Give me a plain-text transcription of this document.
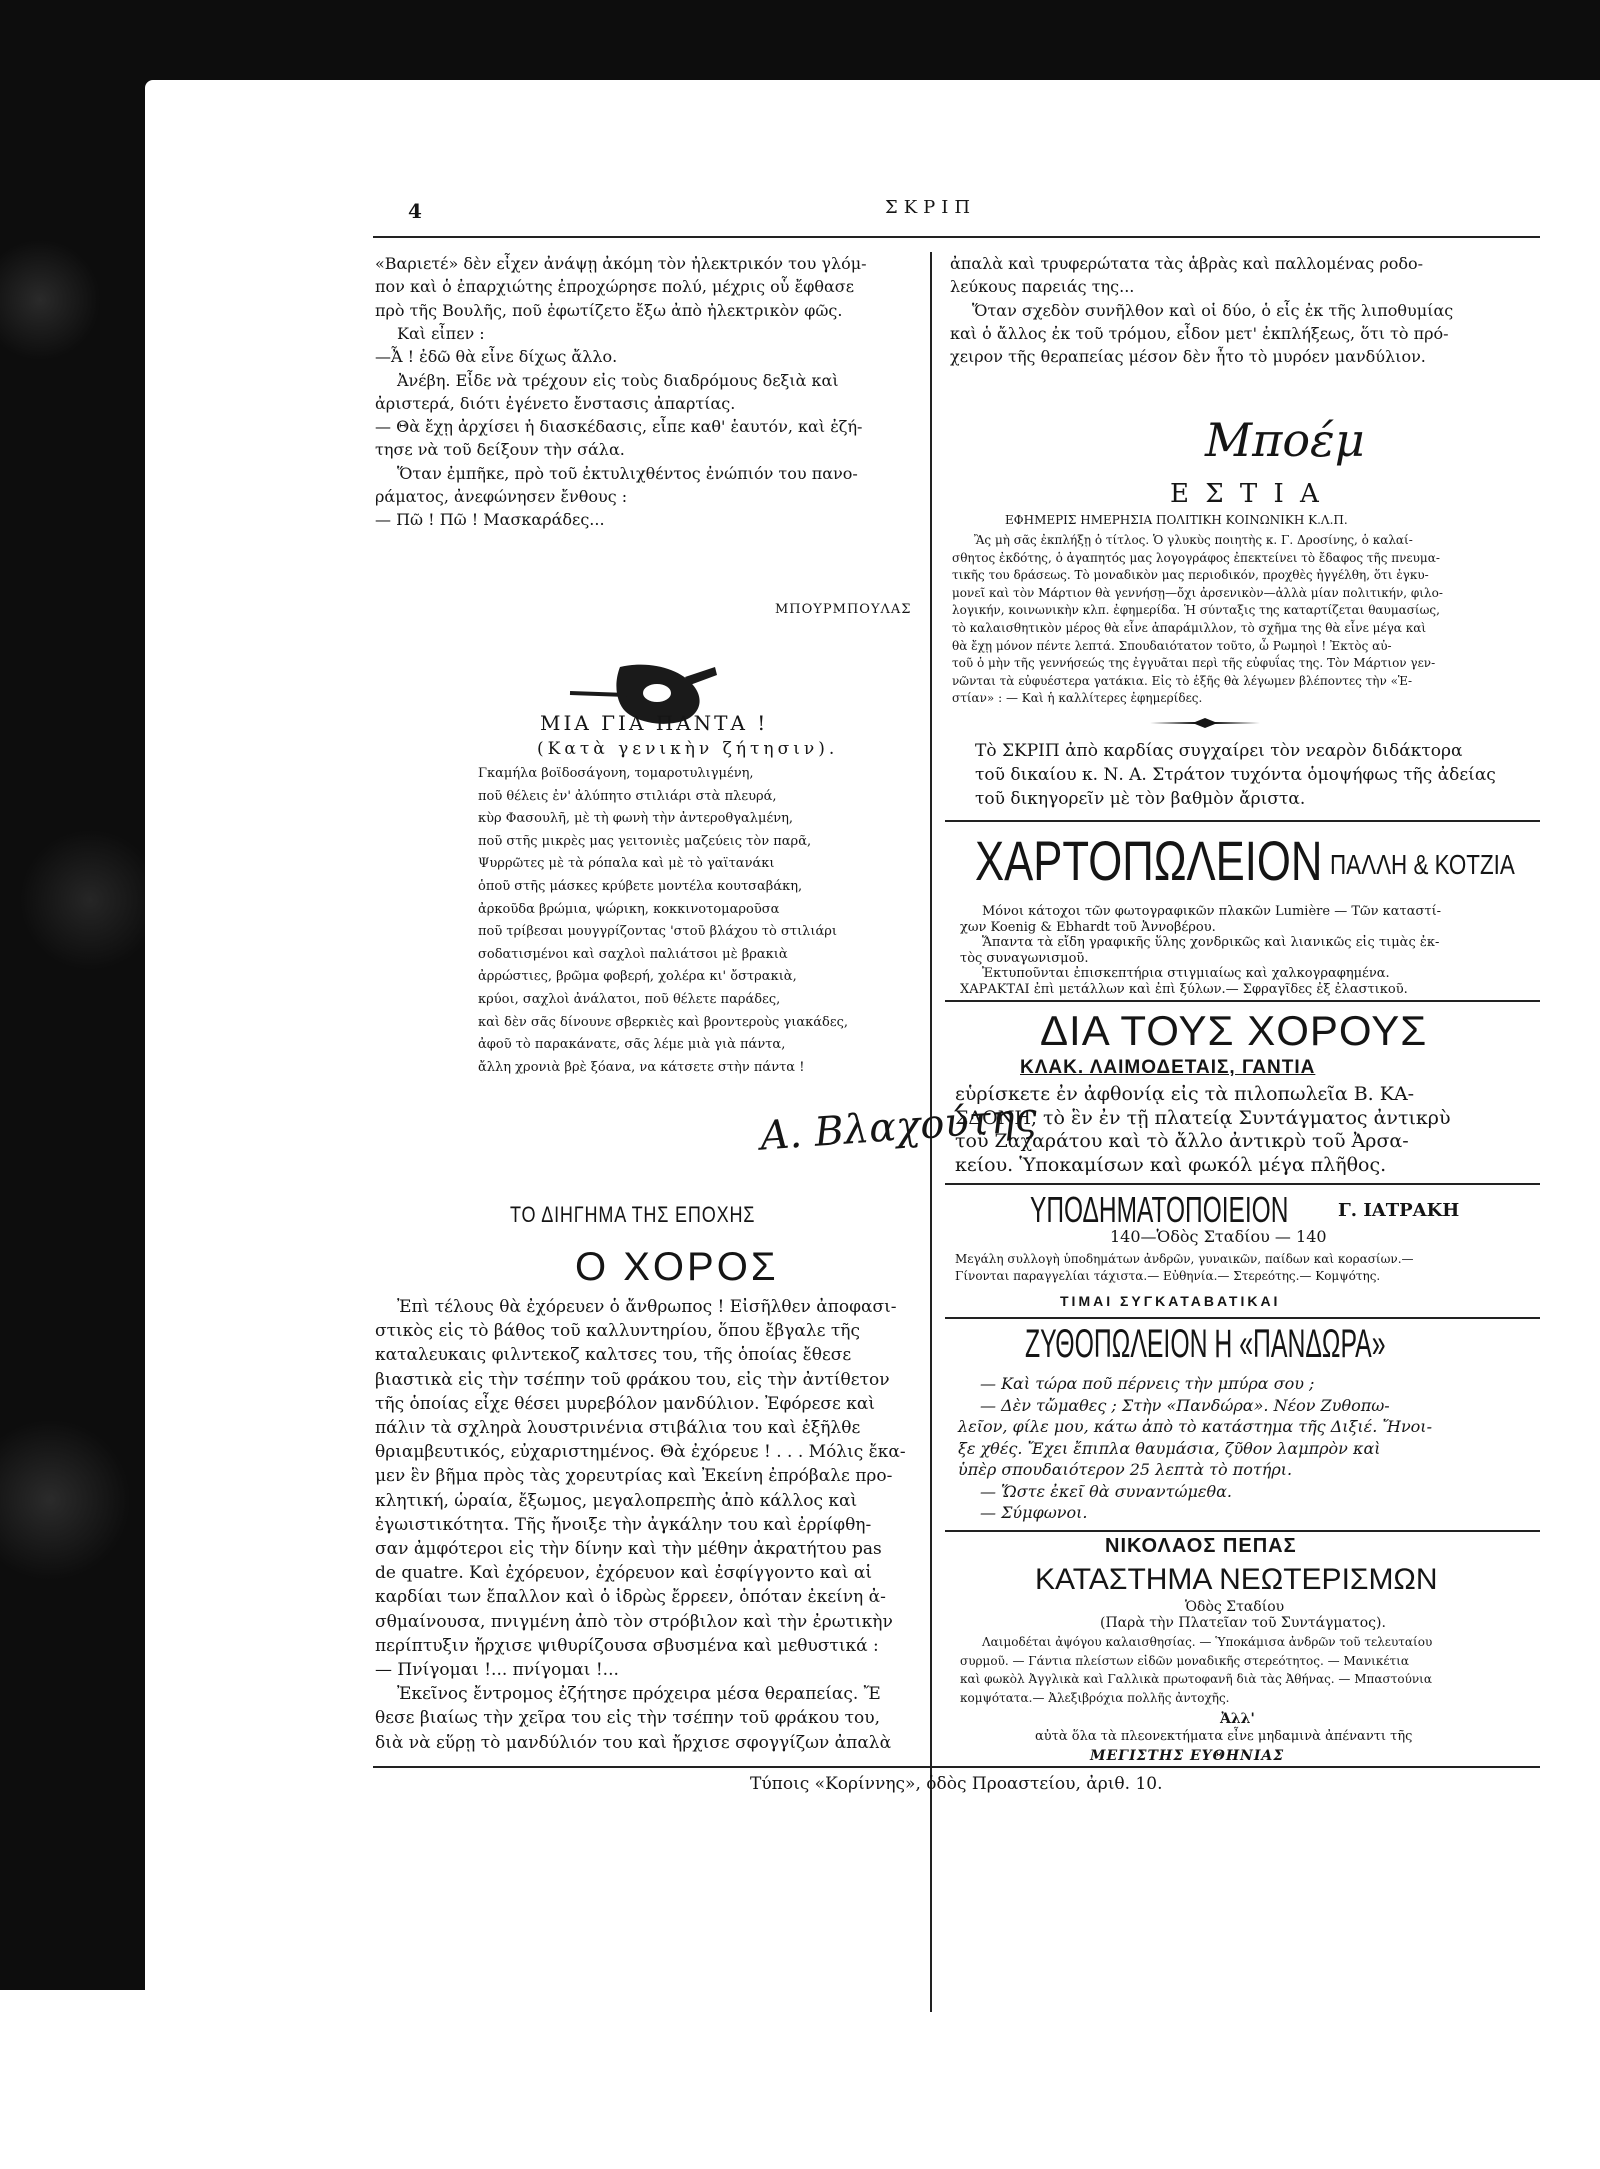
4	ΣΚΡΙΠ
«Βαριετέ» δὲν εἶχεν ἀνάψῃ ἀκόμη τὸν ἠλεκτρικόν του γλόμ-
πον καὶ ὁ ἐπαρχιώτης ἐπροχώρησε πολύ, μέχρις οὗ ἔφθασε
πρὸ τῆς Βουλῆς, ποῦ ἐφωτίζετο ἔξω ἀπὸ ἠλεκτρικὸν φῶς.
Καὶ εἶπεν :
—Ἆ ! ἐδῶ θὰ εἶνε δίχως ἄλλο.
Ἀνέβη. Εἶδε νὰ τρέχουν εἰς τοὺς διαδρόμους δεξιὰ καὶ
ἀριστερά, διότι ἐγένετο ἔνστασις ἀπαρτίας.
— Θὰ ἔχῃ ἀρχίσει ἡ διασκέδασις, εἶπε καθ' ἑαυτόν, καὶ ἐζή-
τησε νὰ τοῦ δείξουν τὴν σάλα.
Ὅταν ἐμπῆκε, πρὸ τοῦ ἐκτυλιχθέντος ἐνώπιόν του πανο-
ράματος, ἀνεφώνησεν ἔνθους :
— Πῶ ! Πῶ ! Μασκαράδες...
ΜΠΟΥΡΜΠΟΥΛΑΣ
ΜΙΑ ΓΙΑ ΠΑΝΤΑ !
(Κατὰ γενικὴν ζήτησιν).
Γκαμήλα βοϊδοσάγονη, τομαροτυλιγμένη,
ποῦ θέλεις ἐν' ἀλύπητο στιλιάρι στὰ πλευρά,
κὺρ Φασουλῆ, μὲ τὴ φωνὴ τὴν ἀντεροθγαλμένη,
ποῦ στῆς μικρὲς μας γειτονιὲς μαζεύεις τὸν παρᾶ,
Ψυρρῶτες μὲ τὰ ρόπαλα καὶ μὲ τὸ γαϊτανάκι
ὁποῦ στῆς μάσκες κρύβετε μοντέλα κουτσαβάκη,
ἀρκοῦδα βρώμια, ψώρικη, κοκκινοτομαροῦσα
ποῦ τρίβεσαι μουγγρίζοντας 'στοῦ βλάχου τὸ στιλιάρι
σοδατισμένοι καὶ σαχλοὶ παλιάτσοι μὲ βρακιὰ
ἀρρώστιες, βρῶμα φοβερή, χολέρα κι' ὄστρακιὰ,
κρύοι, σαχλοὶ ἀνάλατοι, ποῦ θέλετε παράδες,
καὶ δὲν σᾶς δίνουνε σβερκιὲς καὶ βροντεροὺς γιακάδες,
ἀφοῦ τὸ παρακάνατε, σᾶς λέμε μιὰ γιὰ πάντα,
ἄλλη χρονιὰ βρὲ ξόανα, να κάτσετε στὴν πάντα !
Α. Βλαχούτης
ΤΟ ΔΙΗΓΗΜΑ ΤΗΣ ΕΠΟΧΗΣ
Ο ΧΟΡΟΣ
Ἐπὶ τέλους θὰ ἐχόρευεν ὁ ἄνθρωπος ! Εἰσῆλθεν ἀποφασι-
στικὸς εἰς τὸ βάθος τοῦ καλλυντηρίου, ὅπου ἔβγαλε τῆς
καταλευκαις φιλντεκοζ καλτσες του, τῆς ὁποίας ἔθεσε
βιαστικὰ εἰς τὴν τσέπην τοῦ φράκου του, εἰς τὴν ἀντίθετον
τῆς ὁποίας εἶχε θέσει μυρεβόλον μανδύλιον. Ἐφόρεσε καὶ
πάλιν τὰ σχληρὰ λουστρινένια στιβάλια του καὶ ἐξῆλθε
θριαμβευτικός, εὐχαριστημένος. Θὰ ἐχόρευε ! . . . Μόλις ἔκα-
μεν ἓν βῆμα πρὸς τὰς χορευτρίας καὶ Ἐκείνη ἐπρόβαλε προ-
κλητική, ὡραία, ἔξωμος, μεγαλοπρεπὴς ἀπὸ κάλλος καὶ
ἐγωιστικότητα. Τῆς ἤνοιξε τὴν ἀγκάλην του καὶ ἐρρίφθη-
σαν ἀμφότεροι εἰς τὴν δίνην καὶ τὴν μέθην ἀκρατήτου pas
de quatre. Καὶ ἐχόρευον, ἐχόρευον καὶ ἐσφίγγοντο καὶ αἱ
καρδίαι των ἔπαλλον καὶ ὁ ἱδρὼς ἔρρεεν, ὁπόταν ἐκείνη ἀ-
σθμαίνουσα, πνιγμένη ἀπὸ τὸν στρόβιλον καὶ τὴν ἐρωτικὴν
περίπτυξιν ἤρχισε ψιθυρίζουσα σβυσμένα καὶ μεθυστικά :
— Πνίγομαι !... πνίγομαι !...
Ἐκεῖνος ἔντρομος ἐζήτησε πρόχειρα μέσα θεραπείας. Ἔ
θεσε βιαίως τὴν χεῖρα του εἰς τὴν τσέπην τοῦ φράκου του,
διὰ νὰ εὕρῃ τὸ μανδύλιόν του καὶ ἤρχισε σφογγίζων ἀπαλὰ
ἀπαλὰ καὶ τρυφερώτατα τὰς ἁβρὰς καὶ παλλομένας ροδο-
λεύκους παρειάς της...
Ὅταν σχεδὸν συνῆλθον καὶ οἱ δύο, ὁ εἷς ἐκ τῆς λιποθυμίας
καὶ ὁ ἄλλος ἐκ τοῦ τρόμου, εἶδον μετ' ἐκπλήξεως, ὅτι τὸ πρό-
χειρον τῆς θεραπείας μέσον δὲν ἦτο τὸ μυρόεν μανδύλιον.
Μποέμ
Ε Σ Τ Ι Α
ΕΦΗΜΕΡΙΣ ΗΜΕΡΗΣΙΑ ΠΟΛΙΤΙΚΗ ΚΟΙΝΩΝΙΚΗ Κ.Λ.Π.
Ἂς μὴ σᾶς ἐκπλήξῃ ὁ τίτλος. Ὁ γλυκὺς ποιητὴς κ. Γ. Δροσίνης, ὁ καλαί-
σθητος ἐκδότης, ὁ ἀγαπητός μας λογογράφος ἐπεκτείνει τὸ ἔδαφος τῆς πνευμα-
τικῆς του δράσεως. Τὸ μοναδικὸν μας περιοδικόν, προχθὲς ἠγγέλθη, ὅτι ἐγκυ-
μονεῖ καὶ τὸν Μάρτιον θὰ γεννήσῃ—ὄχι ἀρσενικὸν—ἀλλὰ μίαν πολιτικήν, φιλο-
λογικήν, κοινωνικὴν κλπ. ἐφημερίδα. Ἡ σύνταξις της καταρτίζεται θαυμασίως,
τὸ καλαισθητικὸν μέρος θὰ εἶνε ἀπαράμιλλον, τὸ σχῆμα της θὰ εἶνε μέγα καὶ
θὰ ἔχῃ μόνον πέντε λεπτά. Σπουδαιότατον τοῦτο, ὦ Ρωμηοὶ ! Ἐκτὸς αὐ-
τοῦ ὁ μὴν τῆς γεννήσεώς της ἐγγυᾶται περὶ τῆς εὐφυΐας της. Τὸν Μάρτιον γεν-
νῶνται τὰ εὐφυέστερα γατάκια. Εἰς τὸ ἑξῆς θὰ λέγωμεν βλέποντες τὴν «Ἑ-
στίαν» : — Καὶ ἡ καλλίτερες ἐφημερίδες.
Τὸ ΣΚΡΙΠ ἀπὸ καρδίας συγχαίρει τὸν νεαρὸν διδάκτορα
τοῦ δικαίου κ. Ν. Α. Στράτον τυχόντα ὁμοψήφως τῆς ἀδείας
τοῦ δικηγορεῖν μὲ τὸν βαθμὸν ἄριστα.
ΧΑΡΤΟΠΩΛΕΙΟΝ ΠΑΛΛΗ & ΚΟΤΖΙΑ
Μόνοι κάτοχοι τῶν φωτογραφικῶν πλακῶν Lumière — Τῶν καταστί-
χων Koenig & Ebhardt τοῦ Ἀννοβέρου.
Ἅπαντα τὰ εἴδη γραφικῆς ὕλης χονδρικῶς καὶ λιανικῶς εἰς τιμὰς ἐκ-
τὸς συναγωνισμοῦ.
Ἐκτυποῦνται ἐπισκεπτήρια στιγμιαίως καὶ χαλκογραφημένα.
ΧΑΡΑΚΤΑΙ ἐπὶ μετάλλων καὶ ἐπὶ ξύλων.— Σφραγῖδες ἐξ ἐλαστικοῦ.
ΔΙΑ ΤΟΥΣ ΧΟΡΟΥΣ
ΚΛΑΚ. ΛΑΙΜΟΔΕΤΑΙΣ, ΓΑΝΤΙΑ
εὑρίσκετε ἐν ἀφθονίᾳ εἰς τὰ πιλοπωλεῖα Β. ΚΑ-
ΣΔΟΝΗ, τὸ ἓν ἐν τῇ πλατείᾳ Συντάγματος ἀντικρὺ
τοῦ Ζαχαράτου καὶ τὸ ἄλλο ἀντικρὺ τοῦ Ἀρσα-
κείου. Ὑποκαμίσων καὶ φωκόλ μέγα πλῆθος.
ΥΠΟΔΗΜΑΤΟΠΟΙΕΙΟΝ	Γ. ΙΑΤΡΑΚΗ
140—Ὁδὸς Σταδίου — 140
Μεγάλη συλλογὴ ὑποδημάτων ἀνδρῶν, γυναικῶν, παίδων καὶ κορασίων.—
Γίνονται παραγγελίαι τάχιστα.— Εὐθηνία.— Στερεότης.— Κομψότης.
ΤΙΜΑΙ ΣΥΓΚΑΤΑΒΑΤΙΚΑΙ
ΖΥΘΟΠΩΛΕΙΟΝ Η «ΠΑΝΔΩΡΑ»
— Καὶ τώρα ποῦ πέρνεις τὴν μπύρα σου ;
— Δὲν τὤμαθες ; Στὴν «Πανδώρα». Νέον Ζυθοπω-
λεῖον, φίλε μου, κάτω ἀπὸ τὸ κατάστημα τῆς Διξιέ. Ἤνοι-
ξε χθές. Ἔχει ἔπιπλα θαυμάσια, ζῦθον λαμπρὸν καὶ
ὑπὲρ σπουδαιότερον 25 λεπτὰ τὸ ποτήρι.
— Ὥστε ἐκεῖ θὰ συναντώμεθα.
— Σύμφωνοι.
ΝΙΚΟΛΑΟΣ ΠΕΠΑΣ
ΚΑΤΑΣΤΗΜΑ ΝΕΩΤΕΡΙΣΜΩΝ
Ὁδὸς Σταδίου
(Παρὰ τὴν Πλατεῖαν τοῦ Συντάγματος).
Λαιμοδέται ἀψόγου καλαισθησίας. — Ὑποκάμισα ἀνδρῶν τοῦ τελευταίου
συρμοῦ. — Γάντια πλείστων εἰδῶν μοναδικῆς στερεότητος. — Μανικέτια
καὶ φωκὸλ Ἀγγλικὰ καὶ Γαλλικὰ πρωτοφανῆ διὰ τὰς Ἀθήνας. — Μπαστούνια
κομψότατα.— Ἀλεξιβρόχια πολλῆς ἀντοχῆς.
Ἀλλ'
αὐτὰ ὅλα τὰ πλεονεκτήματα εἶνε μηδαμινὰ ἀπέναντι τῆς
ΜΕΓΙΣΤΗΣ ΕΥΘΗΝΙΑΣ
Τύποις «Κορίννης», ὁδὸς Προαστείου, ἀριθ. 10.
